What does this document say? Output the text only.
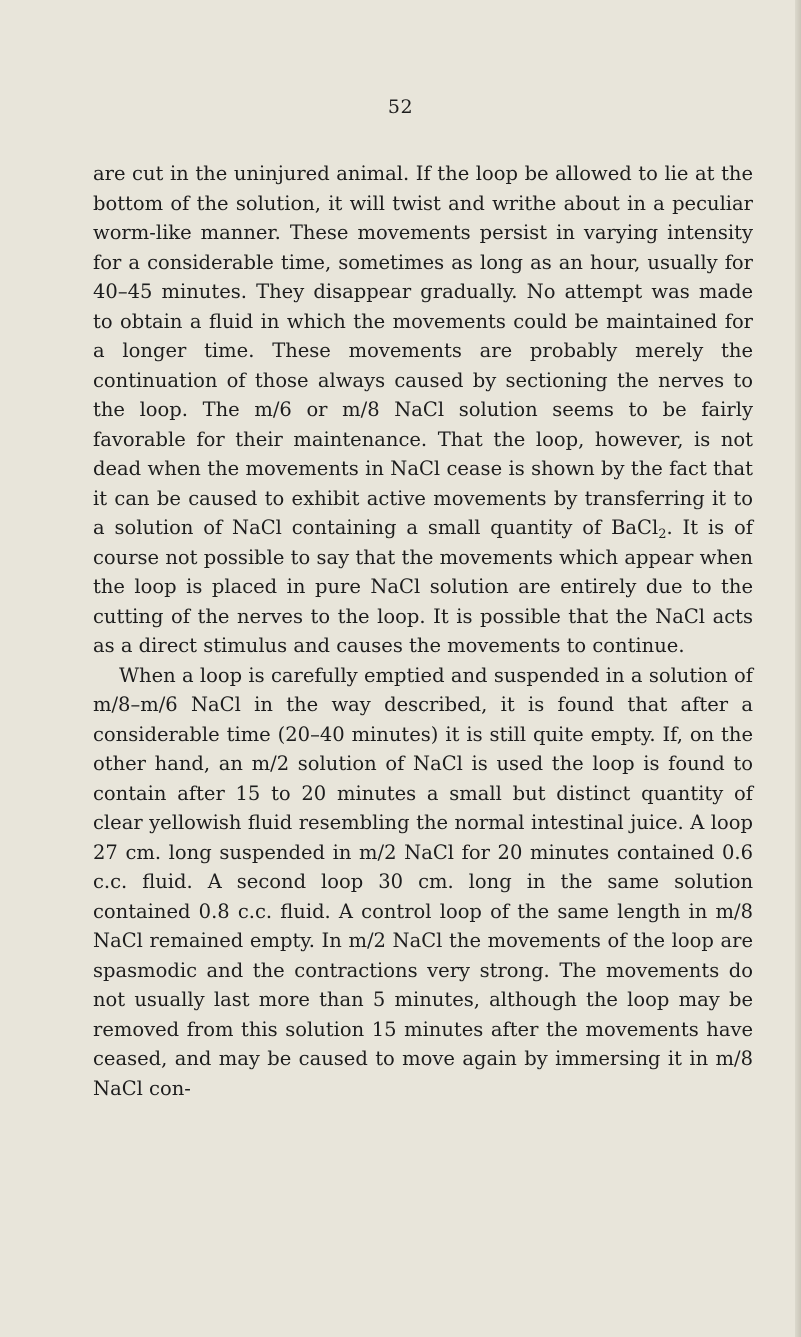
52

are cut in the uninjured animal. If the loop be allowed to lie at the bottom of the solution, it will twist and writhe about in a peculiar worm-like manner. These movements persist in varying intensity for a considerable time, sometimes as long as an hour, usually for 40–45 minutes. They disappear gradually. No attempt was made to obtain a fluid in which the movements could be maintained for a longer time. These movements are probably merely the continuation of those always caused by sectioning the nerves to the loop. The m/6 or m/8 NaCl solution seems to be fairly favorable for their maintenance. That the loop, however, is not dead when the movements in NaCl cease is shown by the fact that it can be caused to exhibit active movements by transferring it to a solution of NaCl containing a small quantity of BaCl$_2$. It is of course not possible to say that the movements which appear when the loop is placed in pure NaCl solution are entirely due to the cutting of the nerves to the loop. It is possible that the NaCl acts as a direct stimulus and causes the movements to continue.

When a loop is carefully emptied and suspended in a solution of m/8–m/6 NaCl in the way described, it is found that after a considerable time (20–40 minutes) it is still quite empty. If, on the other hand, an m/2 solution of NaCl is used the loop is found to contain after 15 to 20 minutes a small but distinct quantity of clear yellowish fluid resembling the normal intestinal juice. A loop 27 cm. long suspended in m/2 NaCl for 20 minutes contained 0.6 c.c. fluid. A second loop 30 cm. long in the same solution contained 0.8 c.c. fluid. A control loop of the same length in m/8 NaCl remained empty. In m/2 NaCl the movements of the loop are spasmodic and the contractions very strong. The movements do not usually last more than 5 minutes, although the loop may be removed from this solution 15 minutes after the movements have ceased, and may be caused to move again by immersing it in m/8 NaCl con-
